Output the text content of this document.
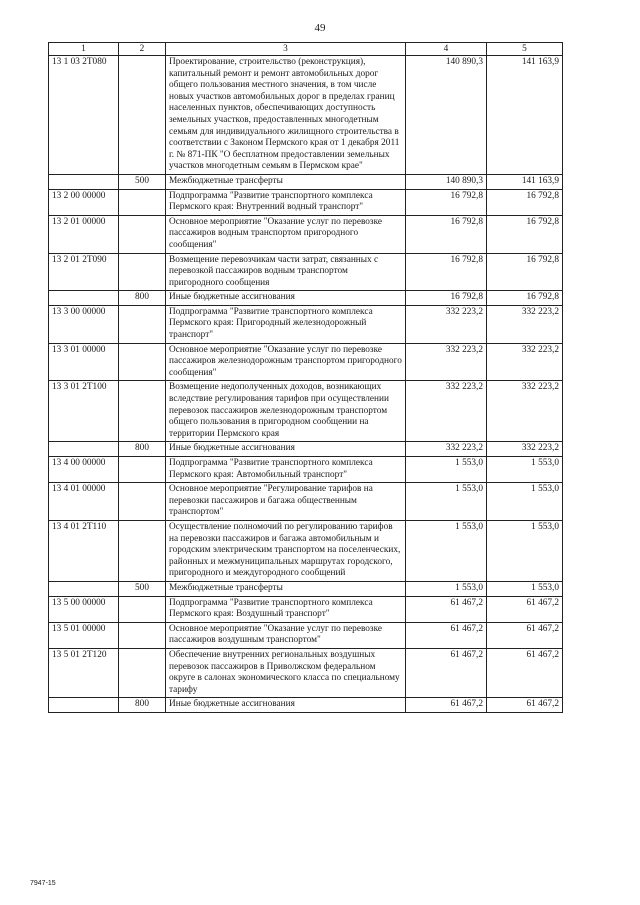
49
1	2	3	4	5
13 1 03 2Т080		Проектирование, строительство (реконструкция), капитальный ремонт и ремонт автомобильных дорог общего пользования местного значения, в том числе новых участков автомобильных дорог в пределах границ населенных пунктов, обеспечивающих доступность земельных участков, предоставленных многодетным семьям для индивидуального жилищного строительства в соответствии с Законом Пермского края от 1 декабря 2011 г. № 871-ПК "О бесплатном предоставлении земельных участков многодетным семьям в Пермском крае"	140 890,3	141 163,9
	500	Межбюджетные трансферты	140 890,3	141 163,9
13 2 00 00000		Подпрограмма "Развитие транспортного комплекса Пермского края: Внутренний водный транспорт"	16 792,8	16 792,8
13 2 01 00000		Основное мероприятие "Оказание услуг по перевозке пассажиров водным транспортом пригородного сообщения"	16 792,8	16 792,8
13 2 01 2Т090		Возмещение перевозчикам части затрат, связанных с перевозкой пассажиров водным транспортом пригородного сообщения	16 792,8	16 792,8
	800	Иные бюджетные ассигнования	16 792,8	16 792,8
13 3 00 00000		Подпрограмма "Развитие транспортного комплекса Пермского края: Пригородный железнодорожный транспорт"	332 223,2	332 223,2
13 3 01 00000		Основное мероприятие "Оказание услуг по перевозке пассажиров железнодорожным транспортом пригородного сообщения"	332 223,2	332 223,2
13 3 01 2Т100		Возмещение недополученных доходов, возникающих вследствие регулирования тарифов при осуществлении перевозок пассажиров железнодорожным транспортом общего пользования в пригородном сообщении на территории Пермского края	332 223,2	332 223,2
	800	Иные бюджетные ассигнования	332 223,2	332 223,2
13 4 00 00000		Подпрограмма "Развитие транспортного комплекса Пермского края: Автомобильный транспорт"	1 553,0	1 553,0
13 4 01 00000		Основное мероприятие "Регулирование тарифов на перевозки пассажиров и багажа общественным транспортом"	1 553,0	1 553,0
13 4 01 2Т110		Осуществление полномочий по регулированию тарифов на перевозки пассажиров и багажа автомобильным и городским электрическим транспортом на поселенческих, районных и межмуниципальных маршрутах городского, пригородного и междугородного сообщений	1 553,0	1 553,0
	500	Межбюджетные трансферты	1 553,0	1 553,0
13 5 00 00000		Подпрограмма "Развитие транспортного комплекса Пермского края: Воздушный транспорт"	61 467,2	61 467,2
13 5 01 00000		Основное мероприятие "Оказание услуг по перевозке пассажиров воздушным транспортом"	61 467,2	61 467,2
13 5 01 2Т120		Обеспечение внутренних региональных воздушных перевозок пассажиров в Приволжском федеральном округе в салонах экономического класса по специальному тарифу	61 467,2	61 467,2
	800	Иные бюджетные ассигнования	61 467,2	61 467,2
7947-15
